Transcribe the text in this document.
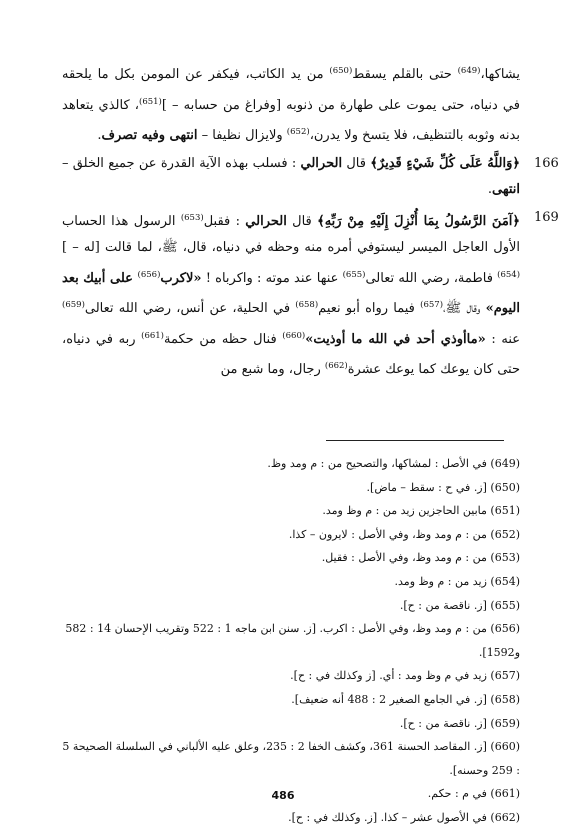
يشاكها،$^{(649)}$ حتى بالقلم يسقط$^{(650)}$ من يد الكاتب، فيكفر عن المومن بكل ما يلحقه في دنياه، حتى يموت على طهارة من ذنوبه [وفراغ من حسابه – ]$^{(651)}$، كالذي يتعاهد بدنه وثوبه بالتنظيف، فلا يتسخ ولا يدرن،$^{(652)}$ ولايزال نظيفا – انتهى وفيه تصرف.

166
﴿وَاللَّهُ عَلَى كُلِّ شَيْءٍ قَدِيرٌ﴾ قال الحرالي : فسلب بهذه الآية القدرة عن جميع الخلق – انتهى.

169
﴿آمَنَ الرَّسُولُ بِمَا أُنْزِلَ إِلَيْهِ مِنْ رَبِّهِ﴾ قال الحرالي : فقبل$^{(653)}$ الرسول هذا الحساب الأول العاجل الميسر ليستوفي أمره منه وحظه في دنياه، قال، ﷺ، لما قالت [له – ]$^{(654)}$ فاطمة، رضي الله تعالى$^{(655)}$ عنها عند موته : واكرباه ! «لاكرب$^{(656)}$ على أبيك بعد اليوم» وقال ﷺ،$^{(657)}$ فيما رواه أبو نعيم$^{(658)}$ في الحلية، عن أنس، رضي الله تعالى$^{(659)}$ عنه : «ماأوذي أحد في الله ما أوذيت»$^{(660)}$ فنال حظه من حكمة$^{(661)}$ ربه في دنياه، حتى كان يوعك كما يوعك عشرة$^{(662)}$ رجال، وما شبع من

(649) في الأصل : لمشاكها، والتصحيح من : م ومد وظ.
(650) [ز. في ح : سقط – ماض].
(651) مابين الحاجزين زيد من : م وظ ومد.
(652) من : م ومد وظ، وفي الأصل : لايرون – كذا.
(653) من : م ومد وظ، وفي الأصل : فقيل.
(654) زيد من : م وظ ومد.
(655) [ز. ناقصة من : ح].
(656) من : م ومد وظ، وفي الأصل : اكرب. [ز. سنن ابن ماجه 1 : 522 وتقريب الإحسان 14 : 582 و1592].
(657) زيد في م وظ ومد : أي. [ز وكذلك في : ح].
(658) [ز. في الجامع الصغير 2 : 488 أنه ضعيف].
(659) [ز. ناقصة من : ح].
(660) [ز. المقاصد الحسنة 361، وكشف الخفا 2 : 235، وعلق عليه الألباني في السلسلة الصحيحة 5 : 259 وحسنه].
(661) في م : حكم.
(662) في الأصول عشر – كذا. [ز. وكذلك في : ح].
486
